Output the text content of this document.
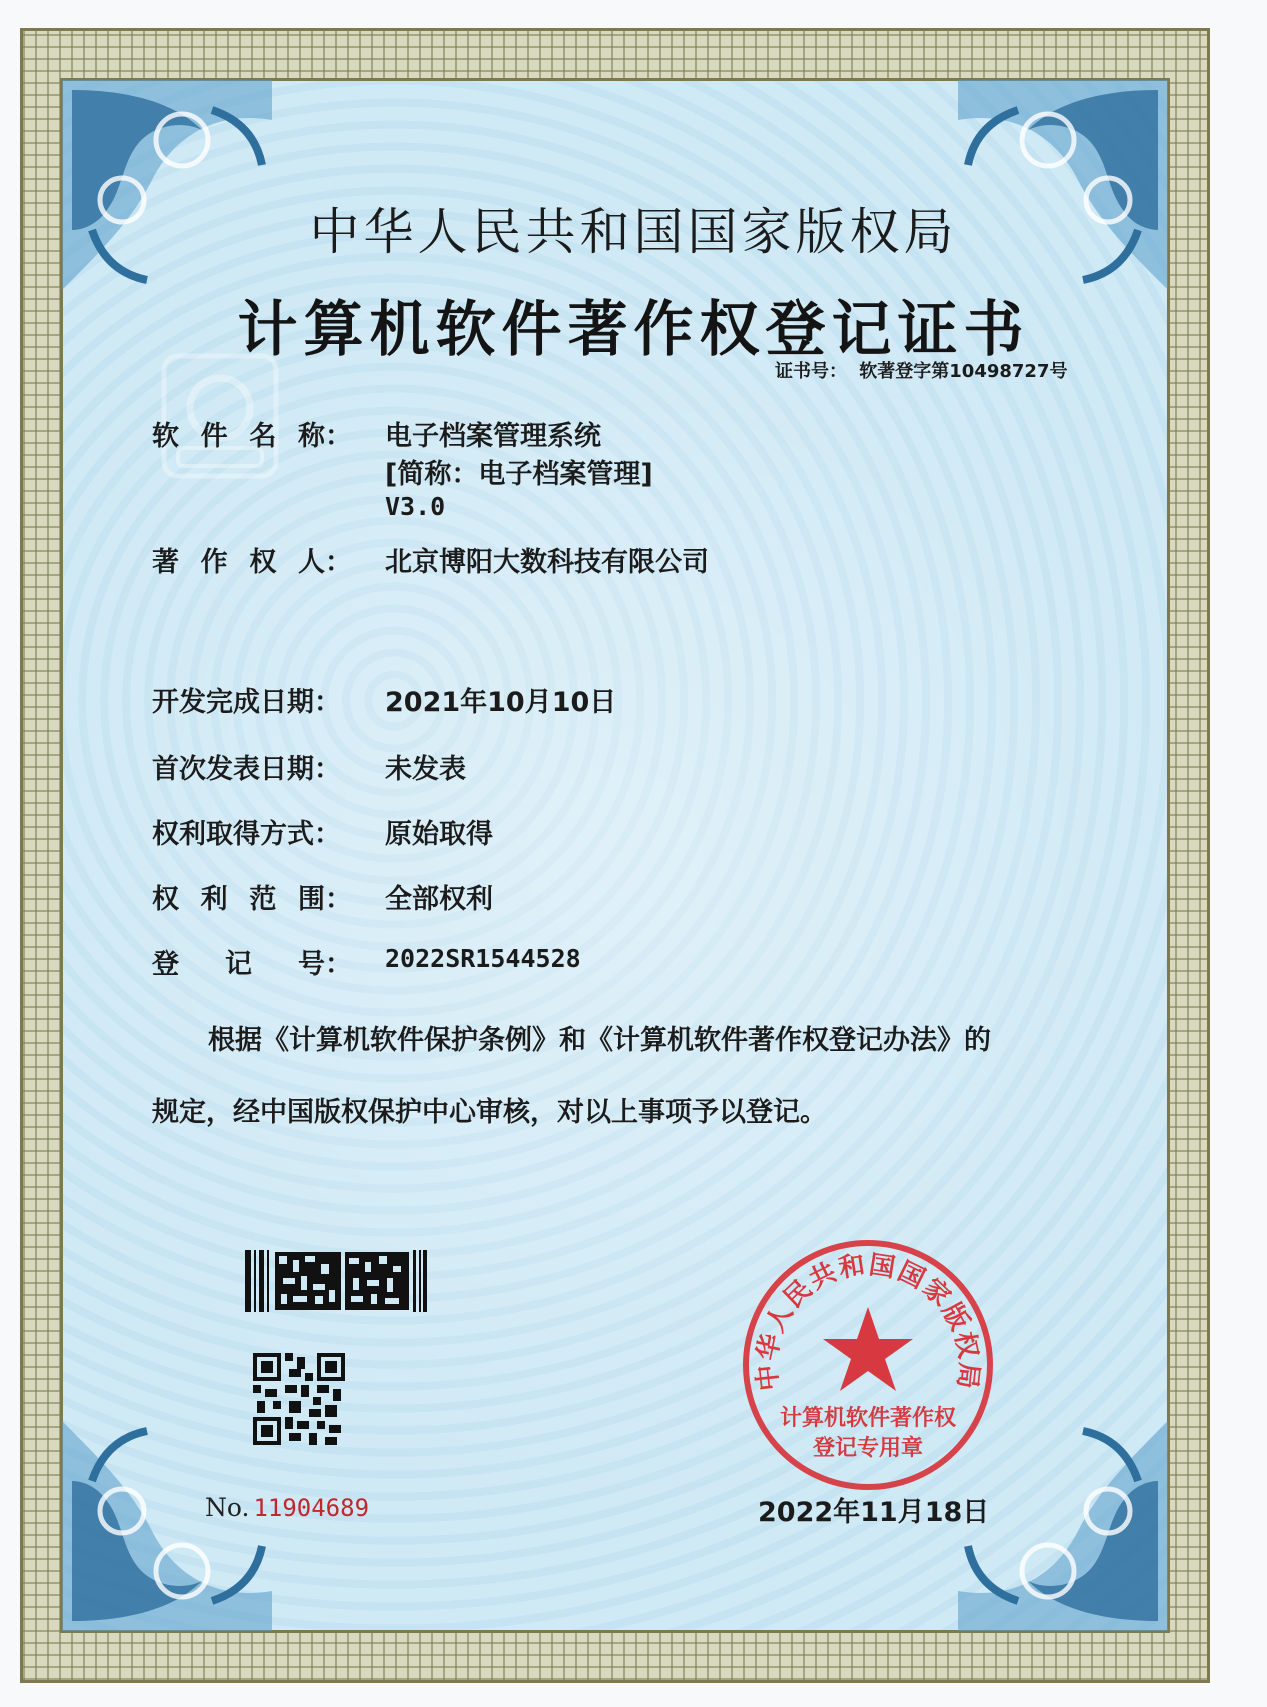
中华人民共和国国家版权局
计算机软件著作权登记证书
证书号： 软著登字第10498727号
软 件 名 称： 电子档案管理系统
[简称：电子档案管理]
V3.0
著 作 权 人： 北京博阳大数科技有限公司
开发完成日期： 2021年10月10日
首次发表日期： 未发表
权利取得方式： 原始取得
权 利 范 围： 全部权利
登 记 号： 2022SR1544528
根据《计算机软件保护条例》和《计算机软件著作权登记办法》的
规定，经中国版权保护中心审核，对以上事项予以登记。
No. 11904689
中华人民共和国国家版权局
计算机软件著作权
登记专用章
2022年11月18日
